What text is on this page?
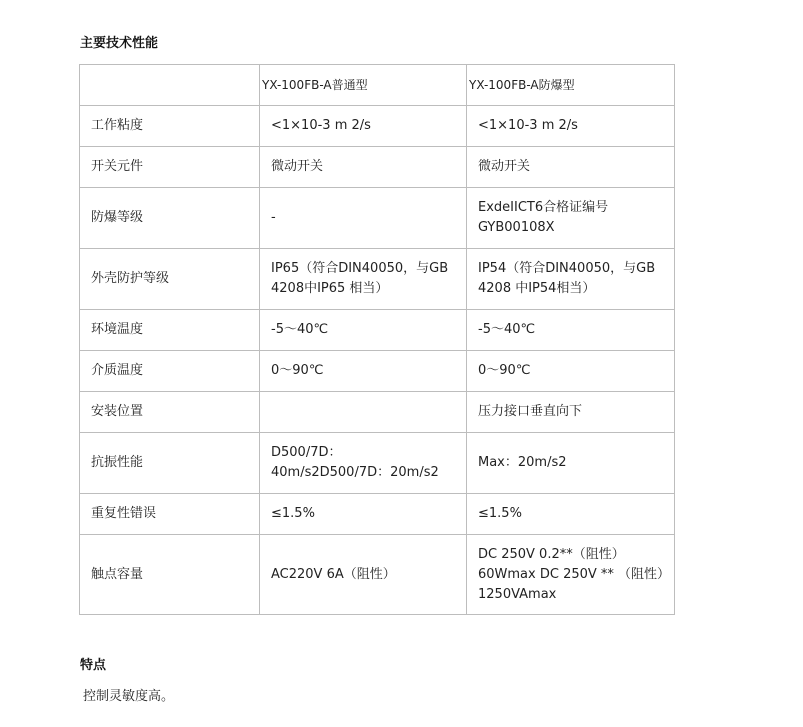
主要技术性能
	YX-100FB-A普通型	YX-100FB-A防爆型
工作粘度	<1×10-3 m 2/s	<1×10-3 m 2/s
开关元件	微动开关	微动开关
防爆等级	-	ExdeIICT6合格证编号GYB00108X
外壳防护等级	IP65（符合DIN40050，与GB 4208中IP65 相当）	IP54（符合DIN40050，与GB 4208 中IP54相当）
环境温度	-5～40℃	-5～40℃
介质温度	0～90℃	0～90℃
安装位置		压力接口垂直向下
抗振性能	D500/7D：40m/s2D500/7D：20m/s2	Max：20m/s2
重复性错误	≤1.5%	≤1.5%
触点容量	AC220V 6A（阻性）	DC 250V 0.2**（阻性）60Wmax DC 250V ** （阻性）1250VAmax
特点

控制灵敏度高。
